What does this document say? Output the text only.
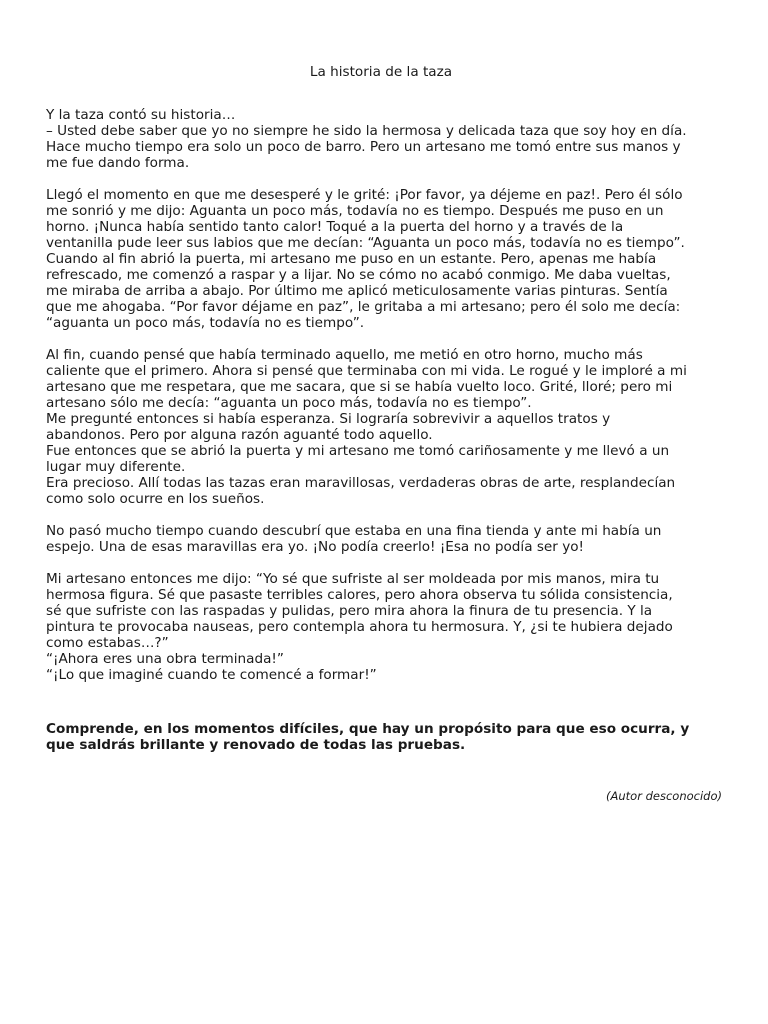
La historia de la taza
Y la taza contó su historia…
– Usted debe saber que yo no siempre he sido la hermosa y delicada taza que soy hoy en día.
Hace mucho tiempo era solo un poco de barro. Pero un artesano me tomó entre sus manos y
me fue dando forma.
Llegó el momento en que me desesperé y le grité: ¡Por favor, ya déjeme en paz!. Pero él sólo
me sonrió y me dijo: Aguanta un poco más, todavía no es tiempo. Después me puso en un
horno. ¡Nunca había sentido tanto calor! Toqué a la puerta del horno y a través de la
ventanilla pude leer sus labios que me decían: “Aguanta un poco más, todavía no es tiempo”.
Cuando al fin abrió la puerta, mi artesano me puso en un estante. Pero, apenas me había
refrescado, me comenzó a raspar y a lijar. No se cómo no acabó conmigo. Me daba vueltas,
me miraba de arriba a abajo. Por último me aplicó meticulosamente varias pinturas. Sentía
que me ahogaba. “Por favor déjame en paz”, le gritaba a mi artesano; pero él solo me decía:
“aguanta un poco más, todavía no es tiempo”.
Al fin, cuando pensé que había terminado aquello, me metió en otro horno, mucho más
caliente que el primero. Ahora si pensé que terminaba con mi vida. Le rogué y le imploré a mi
artesano que me respetara, que me sacara, que si se había vuelto loco. Grité, lloré; pero mi
artesano sólo me decía: “aguanta un poco más, todavía no es tiempo”.
Me pregunté entonces si había esperanza. Si lograría sobrevivir a aquellos tratos y
abandonos. Pero por alguna razón aguanté todo aquello.
Fue entonces que se abrió la puerta y mi artesano me tomó cariñosamente y me llevó a un
lugar muy diferente.
Era precioso. Allí todas las tazas eran maravillosas, verdaderas obras de arte, resplandecían
como solo ocurre en los sueños.
No pasó mucho tiempo cuando descubrí que estaba en una fina tienda y ante mi había un
espejo. Una de esas maravillas era yo. ¡No podía creerlo! ¡Esa no podía ser yo!
Mi artesano entonces me dijo: “Yo sé que sufriste al ser moldeada por mis manos, mira tu
hermosa figura. Sé que pasaste terribles calores, pero ahora observa tu sólida consistencia,
sé que sufriste con las raspadas y pulidas, pero mira ahora la finura de tu presencia. Y la
pintura te provocaba nauseas, pero contempla ahora tu hermosura. Y, ¿si te hubiera dejado
como estabas…?”
“¡Ahora eres una obra terminada!”
“¡Lo que imaginé cuando te comencé a formar!”
Comprende, en los momentos difíciles, que hay un propósito para que eso ocurra, y
que saldrás brillante y renovado de todas las pruebas.
(Autor desconocido)
